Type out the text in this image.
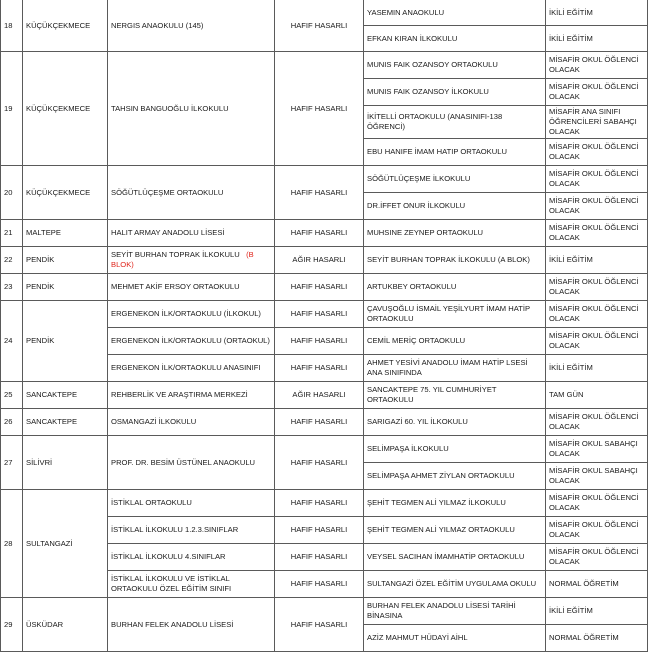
18	KÜÇÜKÇEKMECE	NERGIS ANAOKULU (145)	HAFIF HASARLI	YASEMIN ANAOKULU	İKİLİ EĞİTİM
				EFKAN KIRAN İLKOKULU	İKİLİ EĞİTİM
19	KÜÇÜKÇEKMECE	TAHSIN BANGUOĞLU İLKOKULU	HAFIF HASARLI	MUNIS FAIK OZANSOY ORTAOKULU	MİSAFİR OKUL ÖĞLENCİ OLACAK
				MUNIS FAIK OZANSOY İLKOKULU	MİSAFİR OKUL ÖĞLENCİ OLACAK
				İKİTELLİ ORTAOKULU (ANASINIFI-138 ÖĞRENCİ)	MİSAFİR ANA SINIFI ÖĞRENCİLERİ SABAHÇI OLACAK
				EBU HANIFE İMAM HATIP ORTAOKULU	MİSAFİR OKUL ÖĞLENCİ OLACAK
20	KÜÇÜKÇEKMECE	SÖĞÜTLÜÇEŞME ORTAOKULU	HAFIF HASARLI	SÖĞÜTLÜÇEŞME İLKOKULU	MİSAFİR OKUL ÖĞLENCİ OLACAK
				DR.İFFET ONUR İLKOKULU	MİSAFİR OKUL ÖĞLENCİ OLACAK
21	MALTEPE	HALIT ARMAY ANADOLU LİSESİ	HAFIF HASARLI	MUHSINE ZEYNEP ORTAOKULU	MİSAFİR OKUL ÖĞLENCİ OLACAK
22	PENDİK	SEYİT BURHAN TOPRAK İLKOKULU (B BLOK)	AĞIR HASARLI	SEYİT BURHAN TOPRAK İLKOKULU (A BLOK)	İKİLİ EĞİTİM
23	PENDİK	MEHMET AKİF ERSOY ORTAOKULU	HAFIF HASARLI	ARTUKBEY ORTAOKULU	MİSAFİR OKUL ÖĞLENCİ OLACAK
24	PENDİK	ERGENEKON İLK/ORTAOKULU (İLKOKUL)	HAFIF HASARLI	ÇAVUŞOĞLU İSMAİL YEŞİLYURT İMAM HATİP ORTAOKULU	MİSAFİR OKUL ÖĞLENCİ OLACAK
		ERGENEKON İLK/ORTAOKULU (ORTAOKUL)	HAFIF HASARLI	CEMİL MERİÇ ORTAOKULU	MİSAFİR OKUL ÖĞLENCİ OLACAK
		ERGENEKON İLK/ORTAOKULU ANASINIFI	HAFIF HASARLI	AHMET YESİVİ ANADOLU İMAM HATİP LSESİ ANA SINIFINDA	İKİLİ EĞİTİM
25	SANCAKTEPE	REHBERLİK VE ARAŞTIRMA MERKEZİ	AĞIR HASARLI	SANCAKTEPE 75. YIL CUMHURİYET ORTAOKULU	TAM GÜN
26	SANCAKTEPE	OSMANGAZİ İLKOKULU	HAFIF HASARLI	SARIGAZİ 60. YIL İLKOKULU	MİSAFİR OKUL ÖĞLENCİ OLACAK
27	SİLİVRİ	PROF. DR. BESİM ÜSTÜNEL ANAOKULU	HAFIF HASARLI	SELİMPAŞA İLKOKULU	MİSAFİR OKUL SABAHÇI OLACAK
				SELİMPAŞA AHMET ZİYLAN ORTAOKULU	MİSAFİR OKUL SABAHÇI OLACAK
28	SULTANGAZİ	İSTİKLAL ORTAOKULU	HAFIF HASARLI	ŞEHİT TEGMEN ALİ YILMAZ İLKOKULU	MİSAFİR OKUL ÖĞLENCİ OLACAK
		İSTİKLAL İLKOKULU 1.2.3.SINIFLAR	HAFIF HASARLI	ŞEHİT TEGMEN ALİ YILMAZ ORTAOKULU	MİSAFİR OKUL ÖĞLENCİ OLACAK
		İSTİKLAL İLKOKULU 4.SINIFLAR	HAFIF HASARLI	VEYSEL SACIHAN İMAMHATİP ORTAOKULU	MİSAFİR OKUL ÖĞLENCİ OLACAK
		İSTİKLAL İLKOKULU VE İSTİKLAL ORTAOKULU ÖZEL EĞİTİM SINIFI	HAFIF HASARLI	SULTANGAZİ ÖZEL EĞİTİM UYGULAMA OKULU	NORMAL ÖĞRETİM
29	ÜSKÜDAR	BURHAN FELEK ANADOLU LİSESİ	HAFIF HASARLI	BURHAN FELEK ANADOLU LİSESİ TARİHİ BİNASINA	İKİLİ EĞİTİM
				AZİZ MAHMUT HÜDAYİ AİHL	NORMAL ÖĞRETİM
